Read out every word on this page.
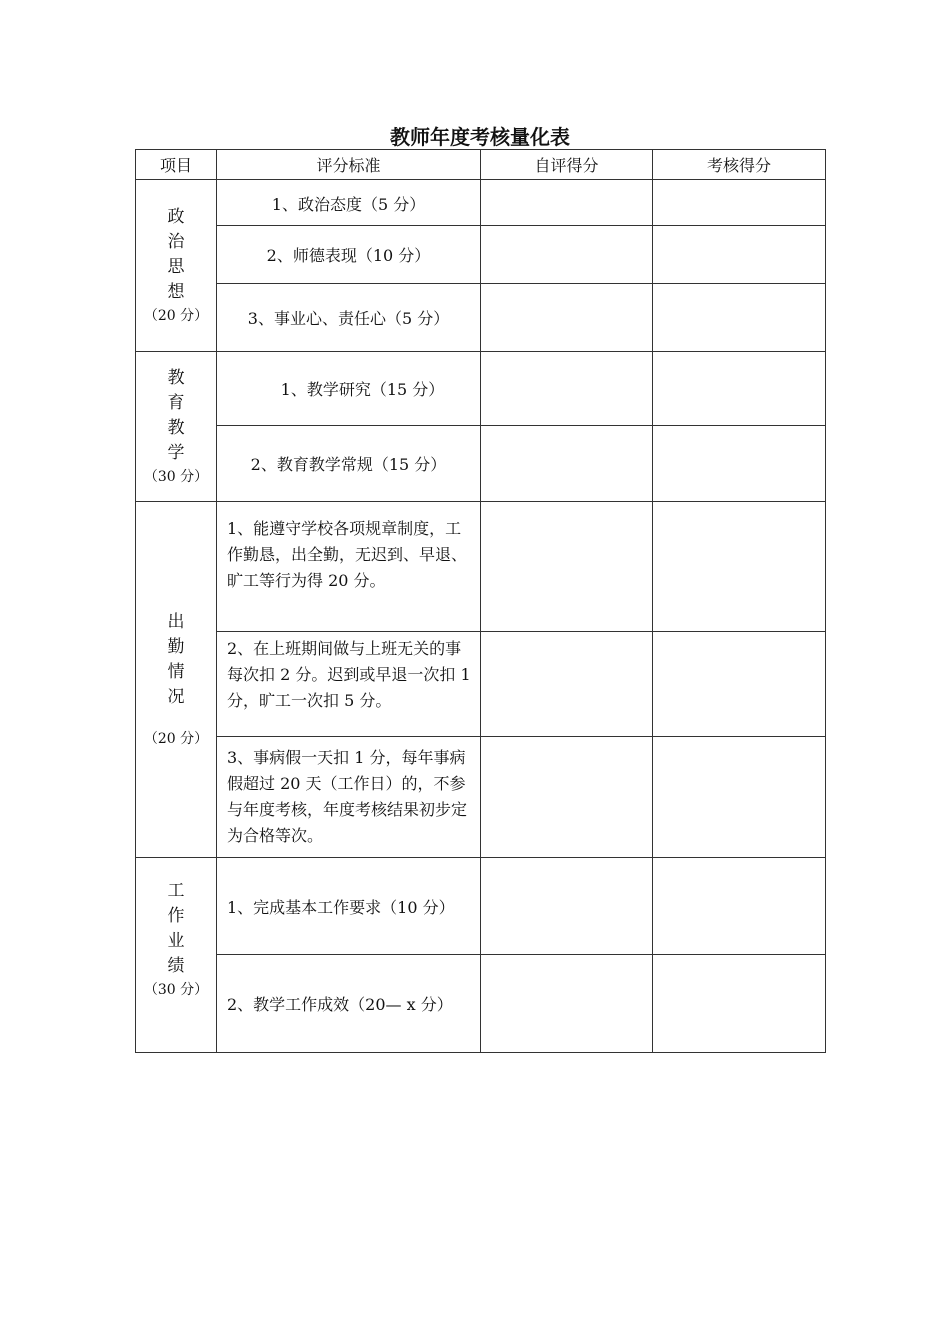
教师年度考核量化表
项目	评分标准	自评得分	考核得分

政
治
思
想
（20 分）	1、政治态度（5 分）		
	2、师德表现（10 分）		
	3、事业心、责任心（5 分）		

教
育
教
学
（30 分）	1、教学研究（15 分）		
	2、教育教学常规（15 分）		

出
勤
情
况
（20 分）	1、能遵守学校各项规章制度，工作勤恳，出全勤，无迟到、早退、旷工等行为得 20 分。		
	2、在上班期间做与上班无关的事每次扣 2 分。迟到或早退一次扣 1 分，旷工一次扣 5 分。		
	3、事病假一天扣 1 分，每年事病假超过 20 天（工作日）的，不参与年度考核，年度考核结果初步定为合格等次。		

工
作
业
绩
（30 分）	1、完成基本工作要求（10 分）		
	2、教学工作成效（20— x 分）		
